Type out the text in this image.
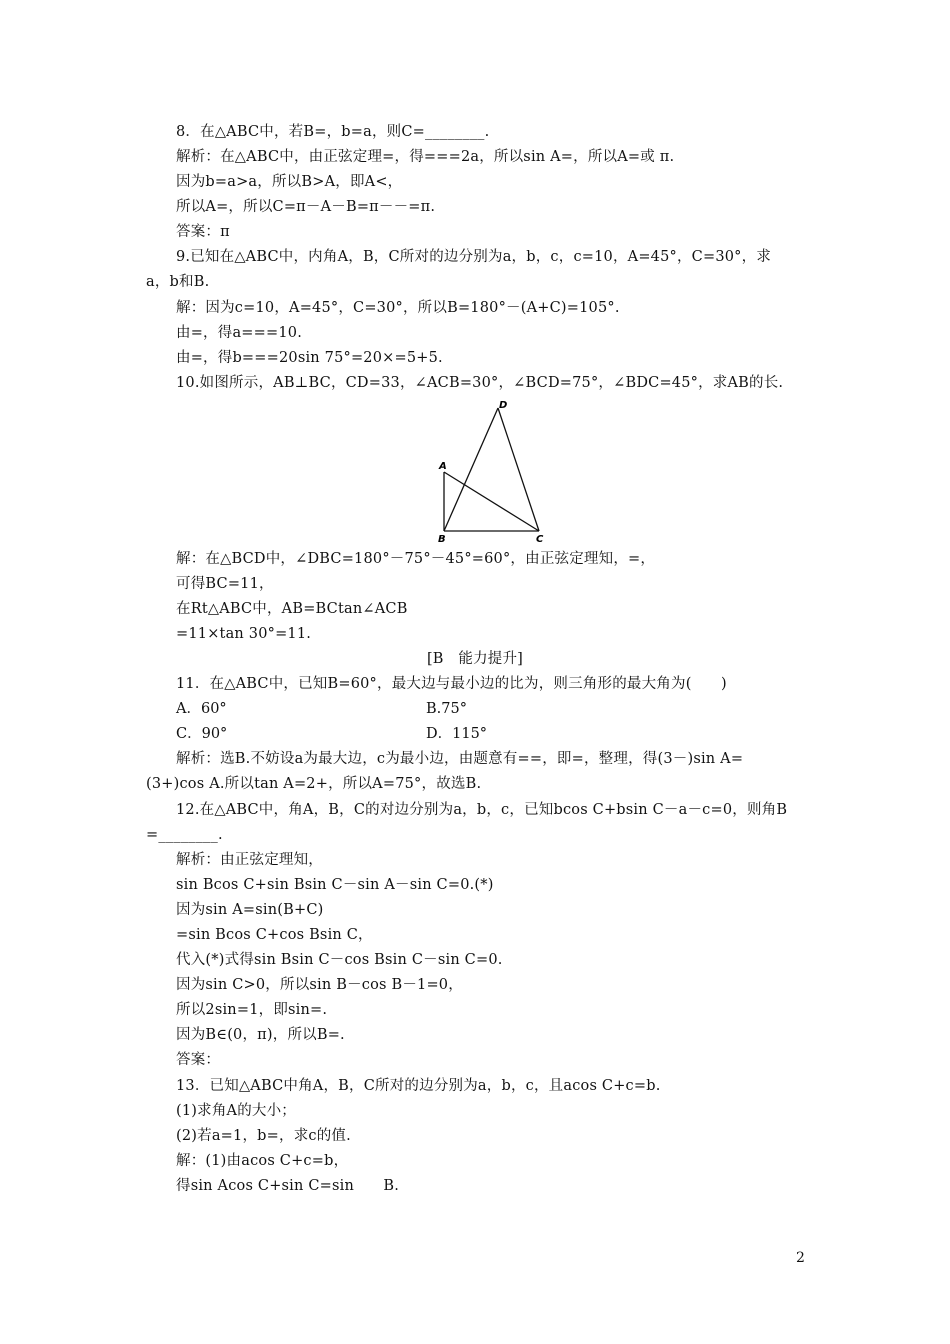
8．在△ABC中，若B=，b=a，则C=________.
解析：在△ABC中，由正弦定理=，得===2a，所以sin A=，所以A=或 π.
因为b=a>a，所以B>A，即A<，
所以A=，所以C=π－A－B=π－－=π.
答案：π
9.已知在△ABC中，内角A，B，C所对的边分别为a，b，c，c=10，A=45°，C=30°，求
a，b和B.
解：因为c=10，A=45°，C=30°，所以B=180°－(A+C)=105°.
由=，得a===10.
由=，得b===20sin 75°=20×=5+5.
10.如图所示，AB⊥BC，CD=33，∠ACB=30°，∠BCD=75°，∠BDC=45°，求AB的长.
D
A
B	C
解：在△BCD中，∠DBC=180°－75°－45°=60°，由正弦定理知，=，
可得BC=11，
在Rt△ABC中，AB=BCtan∠ACB
=11×tan 30°=11.
[B　能力提升]
11．在△ABC中，已知B=60°，最大边与最小边的比为，则三角形的最大角为(　　)
A．60°	B.75°
C．90°	D．115°
解析：选B.不妨设a为最大边，c为最小边，由题意有==，即=，整理，得(3－)sin A=
(3+)cos A.所以tan A=2+，所以A=75°，故选B.
12.在△ABC中，角A，B，C的对边分别为a，b，c，已知bcos C+bsin C－a－c=0，则角B
=________.
解析：由正弦定理知，
sin Bcos C+sin Bsin C－sin A－sin C=0.(*)
因为sin A=sin(B+C)
=sin Bcos C+cos Bsin C，
代入(*)式得sin Bsin C－cos Bsin C－sin C=0.
因为sin C>0，所以sin B－cos B－1=0，
所以2sin=1，即sin=.
因为B∈(0，π)，所以B=.
答案：
13．已知△ABC中角A，B，C所对的边分别为a，b，c，且acos C+c=b.
(1)求角A的大小；
(2)若a=1，b=，求c的值.
解：(1)由acos C+c=b，
得sin Acos C+sin C=sin　　B.
2
